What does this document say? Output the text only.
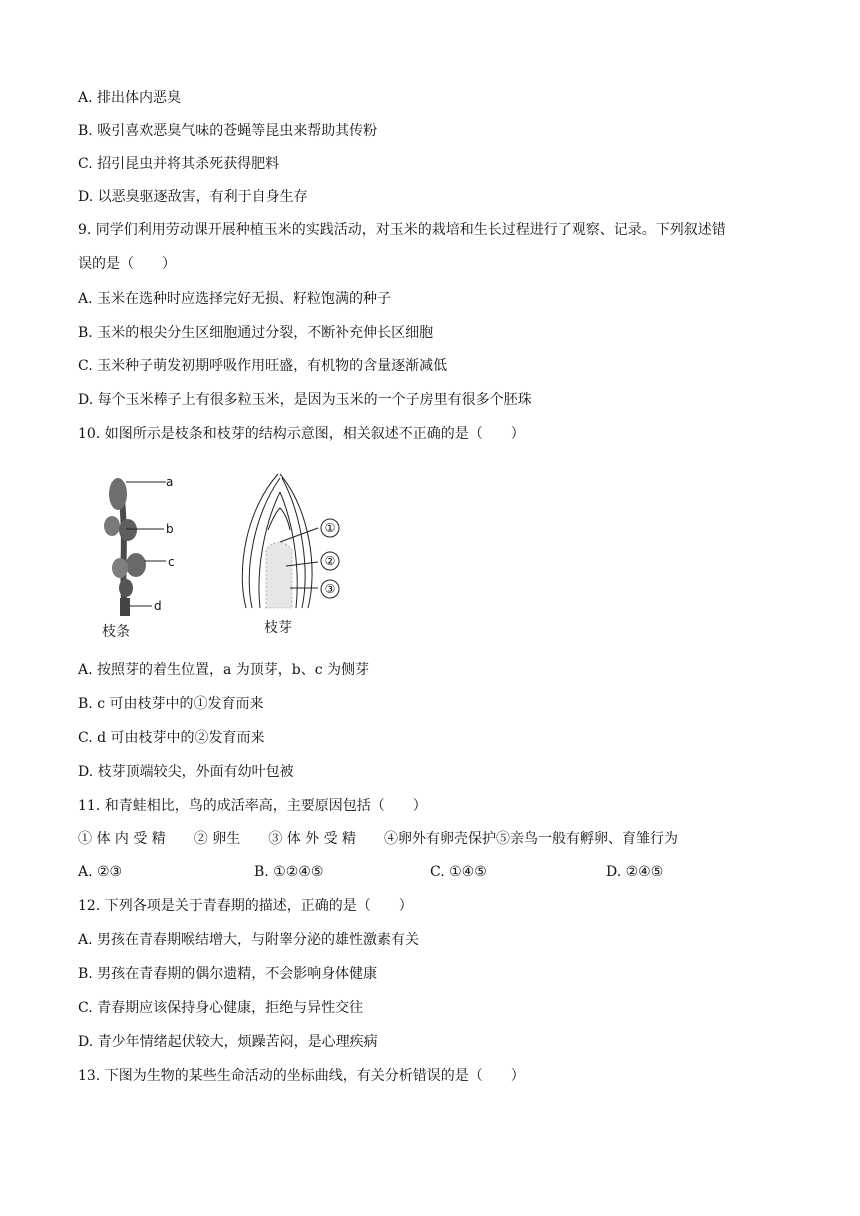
A. 排出体内恶臭
B. 吸引喜欢恶臭气味的苍蝇等昆虫来帮助其传粉
C. 招引昆虫并将其杀死获得肥料
D. 以恶臭驱逐敌害，有利于自身生存
9. 同学们利用劳动课开展种植玉米的实践活动，对玉米的栽培和生长过程进行了观察、记录。下列叙述错
误的是（　　）
A. 玉米在选种时应选择完好无损、籽粒饱满的种子
B. 玉米的根尖分生区细胞通过分裂，不断补充伸长区细胞
C. 玉米种子萌发初期呼吸作用旺盛，有机物的含量逐渐减低
D. 每个玉米棒子上有很多粒玉米，是因为玉米的一个子房里有很多个胚珠
10. 如图所示是枝条和枝芽的结构示意图，相关叙述不正确的是（　　）
a
b
c
d
枝条
①
②
③
枝芽
A. 按照芽的着生位置，a 为顶芽，b、c 为侧芽
B. c 可由枝芽中的①发育而来
C. d 可由枝芽中的②发育而来
D. 枝芽顶端较尖，外面有幼叶包被
11. 和青蛙相比，鸟的成活率高，主要原因包括（　　）
① 体 内 受 精　　② 卵生　　③ 体 外 受 精　　④卵外有卵壳保护⑤亲鸟一般有孵卵、育雏行为
A. ②③	B. ①②④⑤	C. ①④⑤	D. ②④⑤
12. 下列各项是关于青春期的描述，正确的是（　　）
A. 男孩在青春期喉结增大，与附睾分泌的雄性激素有关
B. 男孩在青春期的偶尔遗精，不会影响身体健康
C. 青春期应该保持身心健康，拒绝与异性交往
D. 青少年情绪起伏较大，烦躁苦闷，是心理疾病
13. 下图为生物的某些生命活动的坐标曲线，有关分析错误的是（　　）
